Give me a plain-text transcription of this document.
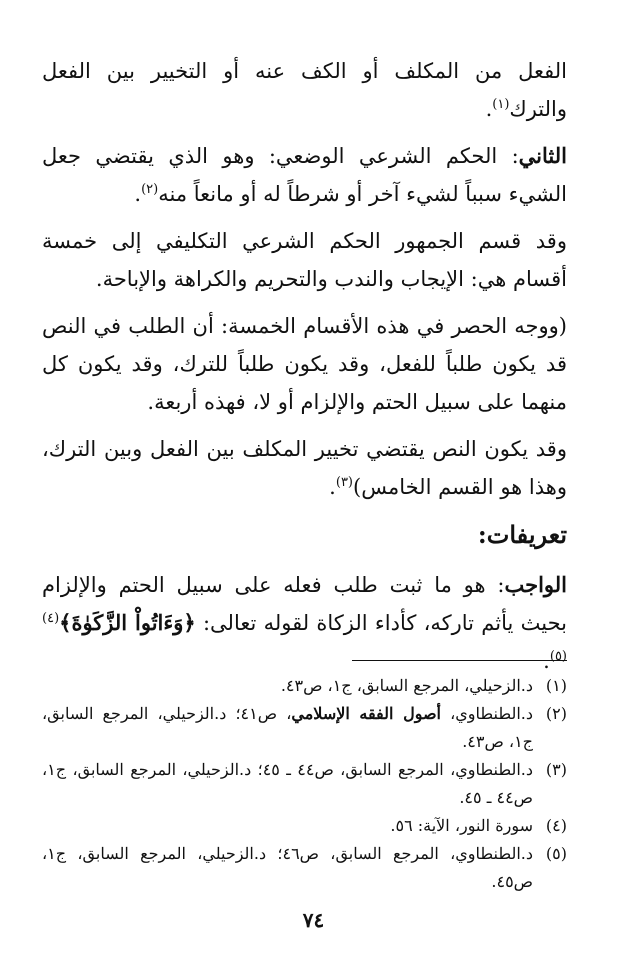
الفعل من المكلف أو الكف عنه أو التخيير بين الفعل والترك$^{(١)}$.

الثاني: الحكم الشرعي الوضعي: وهو الذي يقتضي جعل الشيء سبباً لشيء آخر أو شرطاً له أو مانعاً منه$^{(٢)}$.

وقد قسم الجمهور الحكم الشرعي التكليفي إلى خمسة أقسام هي: الإيجاب والندب والتحريم والكراهة والإباحة.

(ووجه الحصر في هذه الأقسام الخمسة: أن الطلب في النص قد يكون طلباً للفعل، وقد يكون طلباً للترك، وقد يكون كل منهما على سبيل الحتم والإلزام أو لا، فهذه أربعة.

وقد يكون النص يقتضي تخيير المكلف بين الفعل وبين الترك، وهذا هو القسم الخامس)$^{(٣)}$.

تعريفات:
الواجب: هو ما ثبت طلب فعله على سبيل الحتم والإلزام بحيث يأثم تاركه، كأداء الزكاة لقوله تعالى: ﴿وَءَاتُواْ الزَّكَوٰةَ﴾$^{(٤)(٥)}$.
(١)
د.الزحيلي، المرجع السابق، ج١، ص٤٣.
(٢)
د.الطنطاوي، أصول الفقه الإسلامي، ص٤١؛ د.الزحيلي، المرجع السابق، ج١، ص٤٣.
(٣)
د.الطنطاوي، المرجع السابق، ص٤٤ ـ ٤٥؛ د.الزحيلي، المرجع السابق، ج١، ص٤٤ ـ ٤٥.
(٤)
سورة النور، الآية: ٥٦.
(٥)
د.الطنطاوي، المرجع السابق، ص٤٦؛ د.الزحيلي، المرجع السابق، ج١، ص٤٥.
٧٤
